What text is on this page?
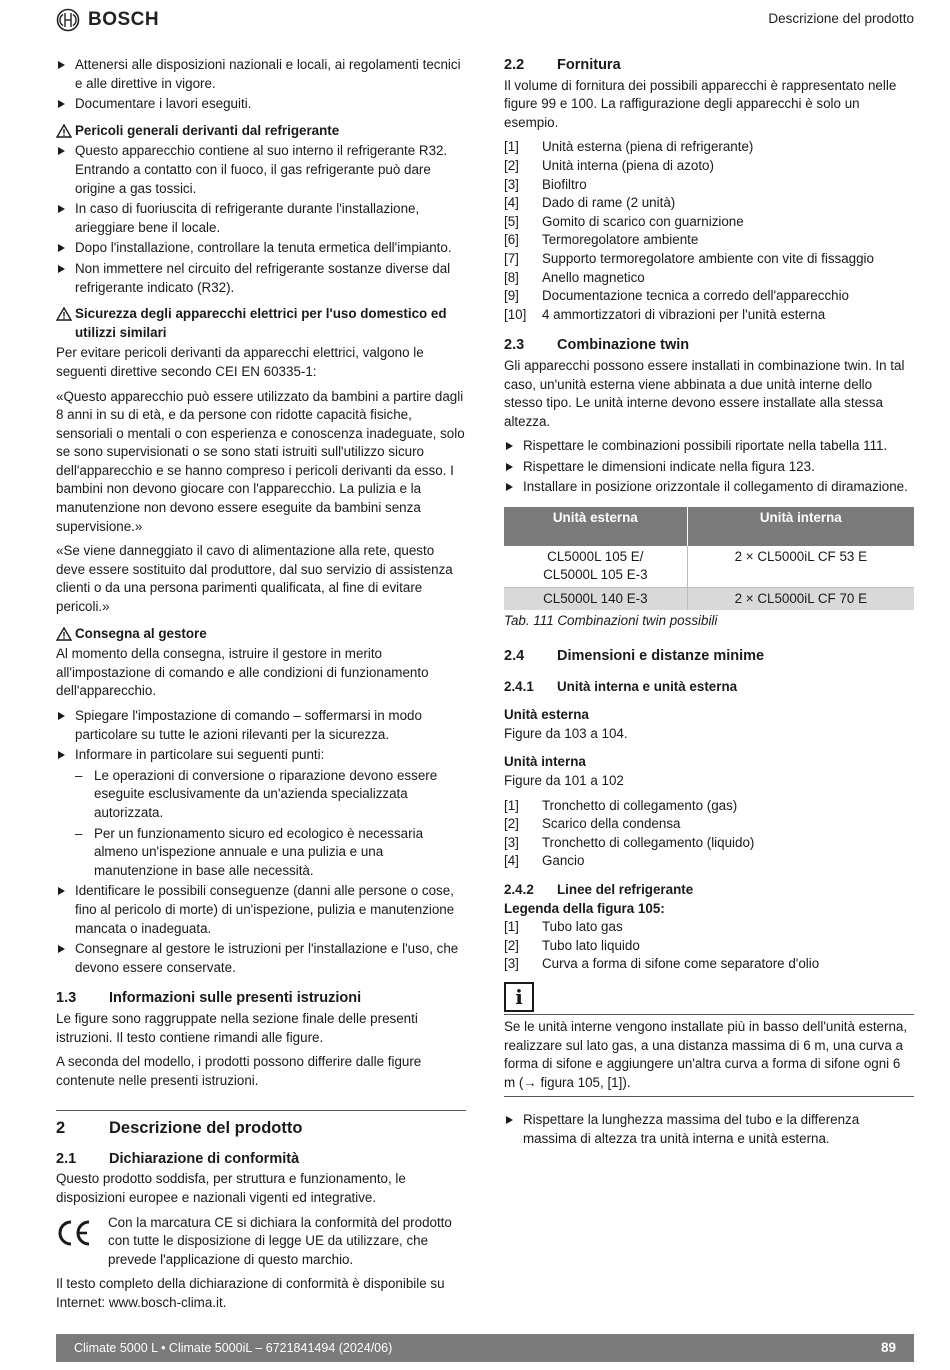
BOSCH	Descrizione del prodotto
Attenersi alle disposizioni nazionali e locali, ai regolamenti tecnici e alle direttive in vigore.
Documentare i lavori eseguiti.
Pericoli generali derivanti dal refrigerante
Questo apparecchio contiene al suo interno il refrigerante R32. Entrando a contatto con il fuoco, il gas refrigerante può dare origine a gas tossici.
In caso di fuoriuscita di refrigerante durante l'installazione, arieggiare bene il locale.
Dopo l'installazione, controllare la tenuta ermetica dell'impianto.
Non immettere nel circuito del refrigerante sostanze diverse dal refrigerante indicato (R32).
Sicurezza degli apparecchi elettrici per l'uso domestico ed utilizzi similari

Per evitare pericoli derivanti da apparecchi elettrici, valgono le seguenti direttive secondo CEI EN 60335-1:

«Questo apparecchio può essere utilizzato da bambini a partire dagli 8 anni in su di età, e da persone con ridotte capacità fisiche, sensoriali o mentali o con esperienza e conoscenza inadeguate, solo se sono supervisionati o se sono stati istruiti sull'utilizzo sicuro dell'apparecchio e se hanno compreso i pericoli derivanti da esso. I bambini non devono giocare con l'apparecchio. La pulizia e la manutenzione non devono essere eseguite da bambini senza supervisione.»

«Se viene danneggiato il cavo di alimentazione alla rete, questo deve essere sostituito dal produttore, dal suo servizio di assistenza clienti o da una persona parimenti qualificata, al fine di evitare pericoli.»

Consegna al gestore

Al momento della consegna, istruire il gestore in merito all'impostazione di comando e alle condizioni di funzionamento dell'apparecchio.

Spiegare l'impostazione di comando – soffermarsi in modo particolare su tutte le azioni rilevanti per la sicurezza.
Informare in particolare sui seguenti punti:
– Le operazioni di conversione o riparazione devono essere eseguite esclusivamente da un'azienda specializzata autorizzata.
– Per un funzionamento sicuro ed ecologico è necessaria almeno un'ispezione annuale e una pulizia e una manutenzione in base alle necessità.
Identificare le possibili conseguenze (danni alle persone o cose, fino al pericolo di morte) di un'ispezione, pulizia e manutenzione mancata o inadeguata.
Consegnare al gestore le istruzioni per l'installazione e l'uso, che devono essere conservate.
1.3	Informazioni sulle presenti istruzioni

Le figure sono raggruppate nella sezione finale delle presenti istruzioni. Il testo contiene rimandi alle figure.

A seconda del modello, i prodotti possono differire dalle figure contenute nelle presenti istruzioni.

2	Descrizione del prodotto
2.1	Dichiarazione di conformità

Questo prodotto soddisfa, per struttura e funzionamento, le disposizioni europee e nazionali vigenti ed integrative.

Con la marcatura CE si dichiara la conformità del prodotto con tutte le disposizione di legge UE da utilizzare, che prevede l'applicazione di questo marchio.

Il testo completo della dichiarazione di conformità è disponibile su Internet: www.bosch-clima.it.

2.2	Fornitura

Il volume di fornitura dei possibili apparecchi è rappresentato nelle figure 99 e 100. La raffigurazione degli apparecchi è solo un esempio.

[1]	Unità esterna (piena di refrigerante)
[2]	Unità interna (piena di azoto)
[3]	Biofiltro
[4]	Dado di rame (2 unità)
[5]	Gomito di scarico con guarnizione
[6]	Termoregolatore ambiente
[7]	Supporto termoregolatore ambiente con vite di fissaggio
[8]	Anello magnetico
[9]	Documentazione tecnica a corredo dell'apparecchio
[10]	4 ammortizzatori di vibrazioni per l'unità esterna
2.3	Combinazione twin

Gli apparecchi possono essere installati in combinazione twin. In tal caso, un'unità esterna viene abbinata a due unità interne dello stesso tipo. Le unità interne devono essere installate alla stessa altezza.

Rispettare le combinazioni possibili riportate nella tabella 111.
Rispettare le dimensioni indicate nella figura 123.
Installare in posizione orizzontale il collegamento di diramazione.
Unità esterna	Unità interna
CL5000L 105 E/
CL5000L 105 E-3	2 × CL5000iL CF 53 E
CL5000L 140 E-3	2 × CL5000iL CF 70 E
Tab. 111 Combinazioni twin possibili
2.4	Dimensioni e distanze minime
2.4.1	Unità interna e unità esterna
Unità esterna

Figure da 103 a 104.

Unità interna

Figure da 101 a 102

[1]	Tronchetto di collegamento (gas)
[2]	Scarico della condensa
[3]	Tronchetto di collegamento (liquido)
[4]	Gancio
2.4.2	Linee del refrigerante
Legenda della figura 105:
[1]	Tubo lato gas
[2]	Tubo lato liquido
[3]	Curva a forma di sifone come separatore d'olio
i
Se le unità interne vengono installate più in basso dell'unità esterna, realizzare sul lato gas, a una distanza massima di 6 m, una curva a forma di sifone e aggiungere un'altra curva a forma di sifone ogni 6 m (→ figura 105, [1]).
Rispettare la lunghezza massima del tubo e la differenza massima di altezza tra unità interna e unità esterna.
Climate 5000 L • Climate 5000iL – 6721841494 (2024/06)	89
